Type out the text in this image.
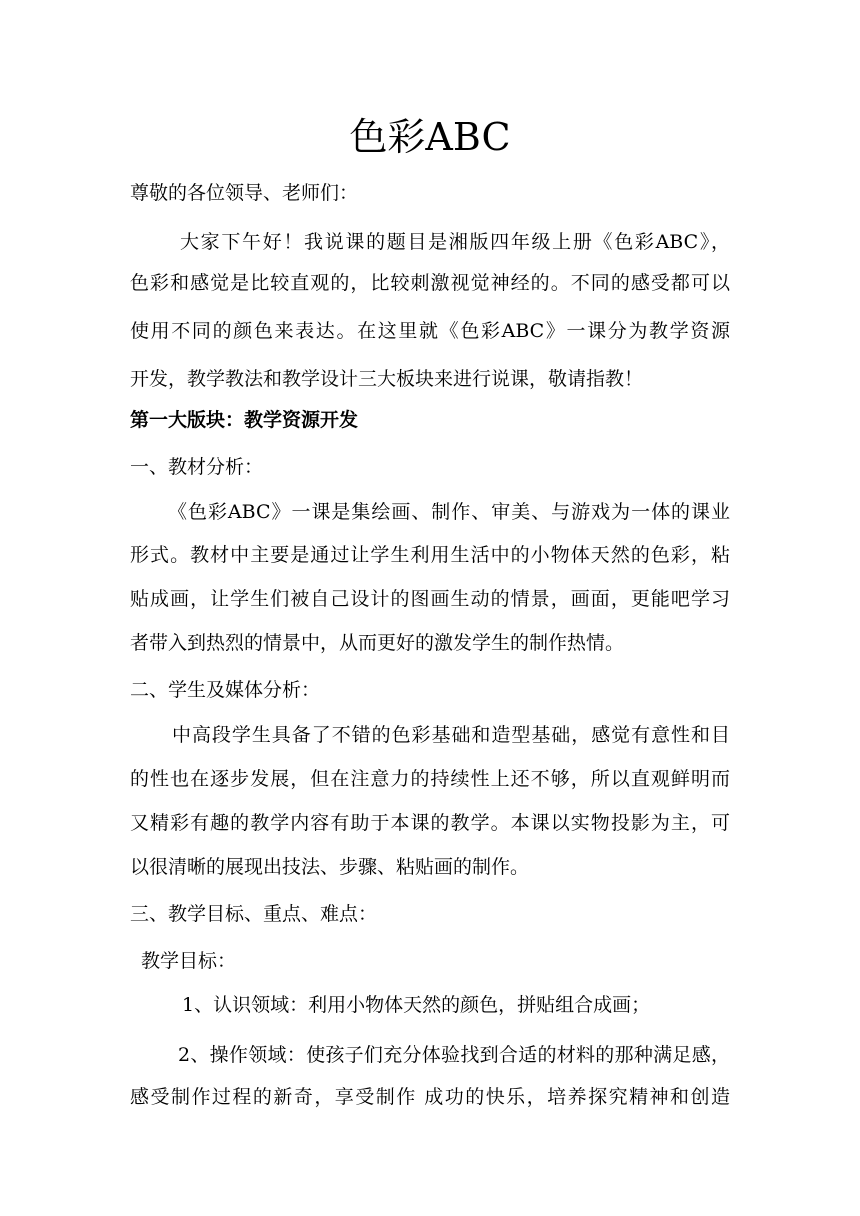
色彩ABC
尊敬的各位领导、老师们：
大家下午好！我说课的题目是湘版四年级上册《色彩ABC》，
色彩和感觉是比较直观的，比较刺激视觉神经的。不同的感受都可以
使用不同的颜色来表达。在这里就《色彩ABC》一课分为教学资源
开发，教学教法和教学设计三大板块来进行说课，敬请指教！
第一大版块：教学资源开发
一、教材分析：
《色彩ABC》一课是集绘画、制作、审美、与游戏为一体的课业
形式。教材中主要是通过让学生利用生活中的小物体天然的色彩，粘
贴成画，让学生们被自己设计的图画生动的情景，画面，更能吧学习
者带入到热烈的情景中，从而更好的激发学生的制作热情。
二、学生及媒体分析：
中高段学生具备了不错的色彩基础和造型基础，感觉有意性和目
的性也在逐步发展，但在注意力的持续性上还不够，所以直观鲜明而
又精彩有趣的教学内容有助于本课的教学。本课以实物投影为主，可
以很清晰的展现出技法、步骤、粘贴画的制作。
三、教学目标、重点、难点：
教学目标：
1、认识领域：利用小物体天然的颜色，拼贴组合成画；
2、操作领域：使孩子们充分体验找到合适的材料的那种满足感，
感受制作过程的新奇，享受制作 成功的快乐，培养探究精神和创造
